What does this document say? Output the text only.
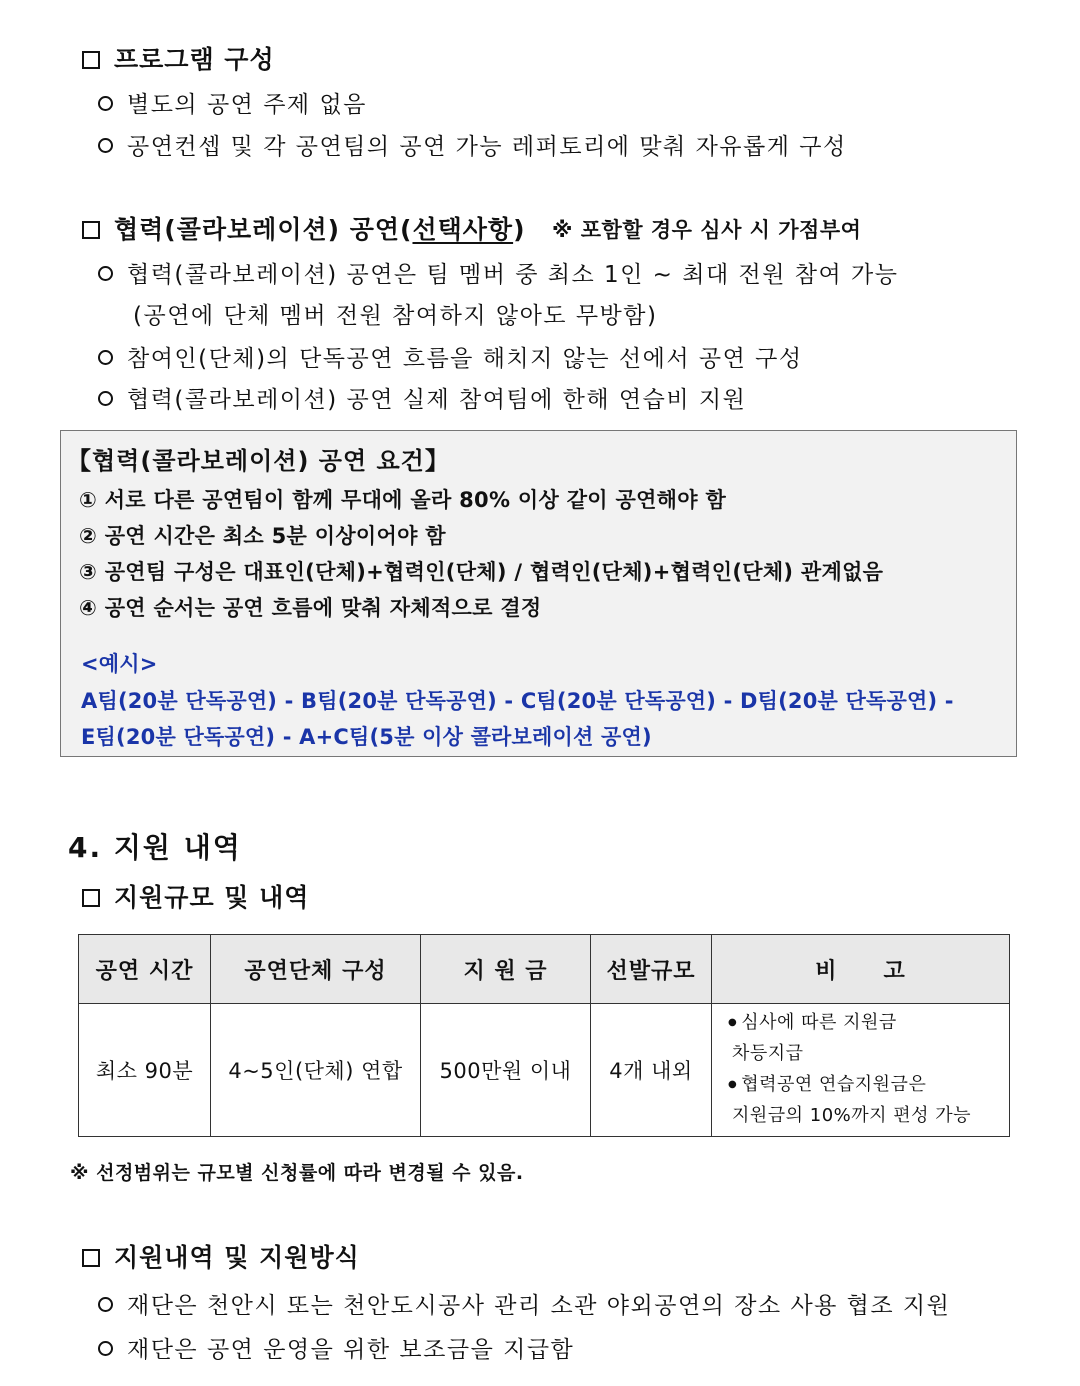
프로그램 구성
별도의 공연 주제 없음
공연컨셉 및 각 공연팀의 공연 가능 레퍼토리에 맞춰 자유롭게 구성
협력(콜라보레이션) 공연(선택사항) ※ 포함할 경우 심사 시 가점부여
협력(콜라보레이션) 공연은 팀 멤버 중 최소 1인 ~ 최대 전원 참여 가능
(공연에 단체 멤버 전원 참여하지 않아도 무방함)
참여인(단체)의 단독공연 흐름을 해치지 않는 선에서 공연 구성
협력(콜라보레이션) 공연 실제 참여팀에 한해 연습비 지원
【협력(콜라보레이션) 공연 요건】
① 서로 다른 공연팀이 함께 무대에 올라 80% 이상 같이 공연해야 함
② 공연 시간은 최소 5분 이상이어야 함
③ 공연팀 구성은 대표인(단체)+협력인(단체) / 협력인(단체)+협력인(단체) 관계없음
④ 공연 순서는 공연 흐름에 맞춰 자체적으로 결정
<예시>
A팀(20분 단독공연) - B팀(20분 단독공연) - C팀(20분 단독공연) - D팀(20분 단독공연) -
E팀(20분 단독공연) - A+C팀(5분 이상 콜라보레이션 공연)
4. 지원 내역
지원규모 및 내역
공연 시간	공연단체 구성	지 원 금	선발규모	비　　고
최소 90분	4~5인(단체) 연합	500만원 이내	4개 내외	● 심사에 따른 지원금
차등지급
● 협력공연 연습지원금은
지원금의 10%까지 편성 가능
※ 선정범위는 규모별 신청률에 따라 변경될 수 있음.
지원내역 및 지원방식
재단은 천안시 또는 천안도시공사 관리 소관 야외공연의 장소 사용 협조 지원
재단은 공연 운영을 위한 보조금을 지급함
